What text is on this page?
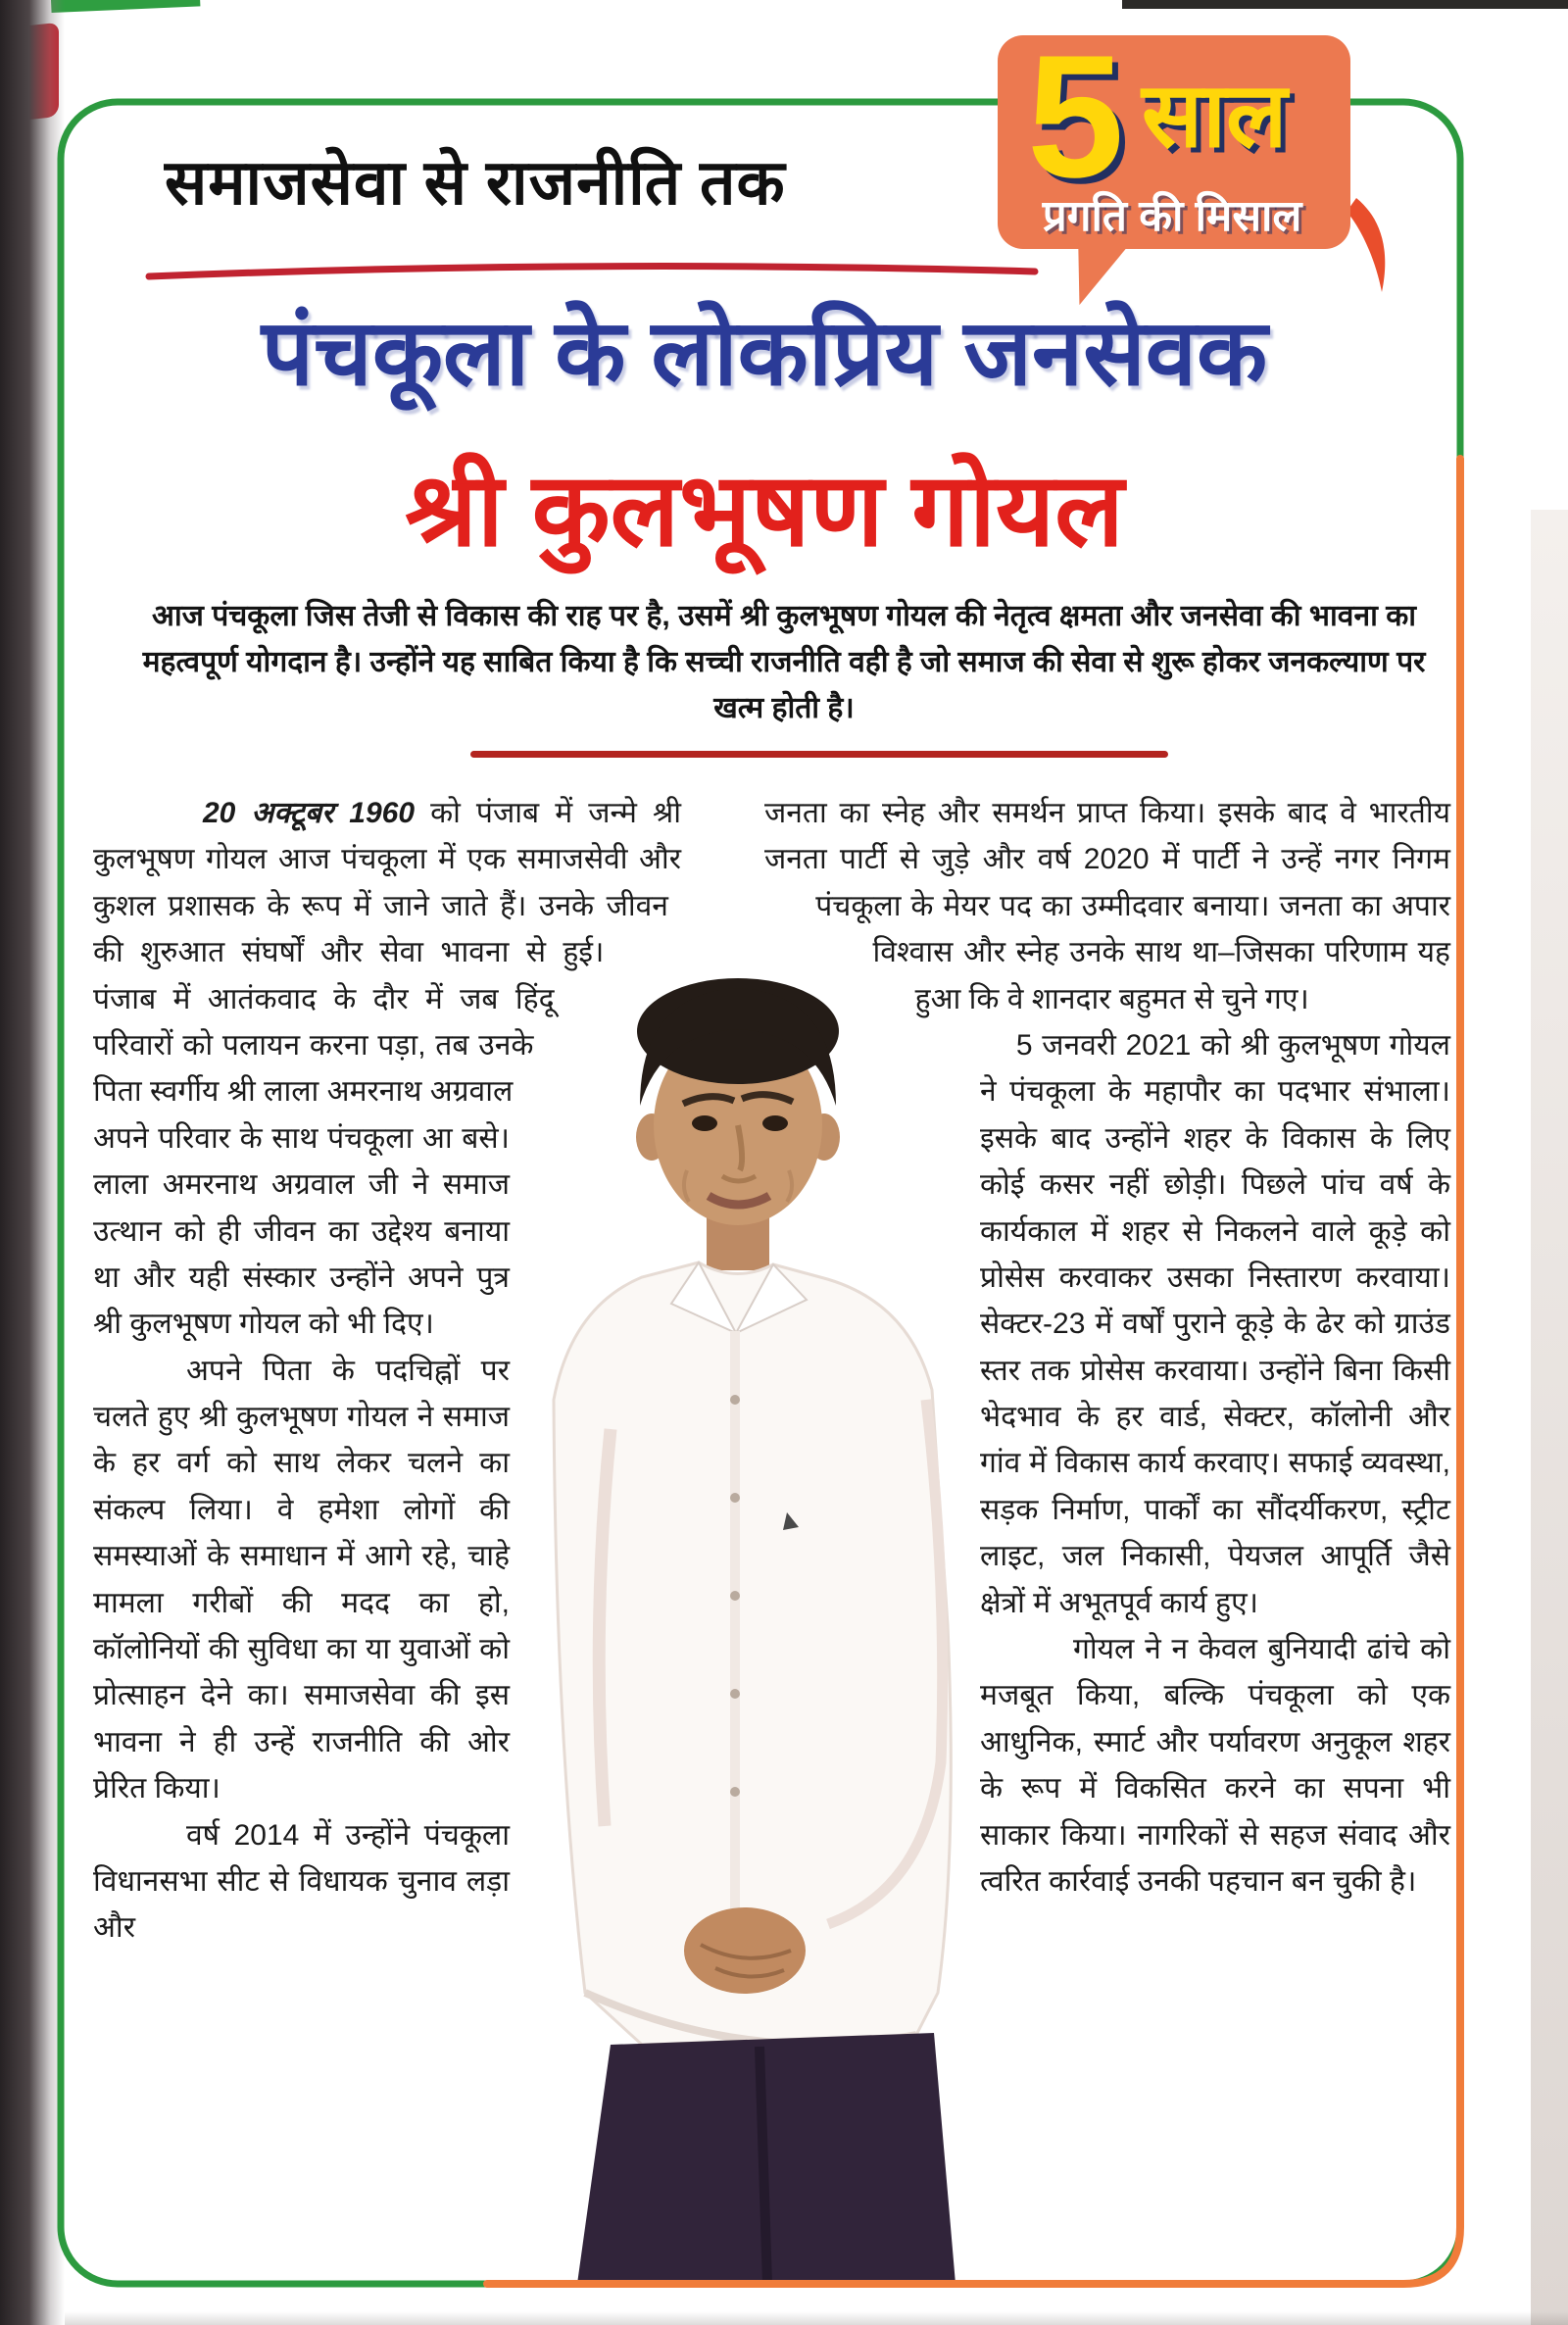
5 साल
प्रगति की मिसाल
समाजसेवा से राजनीति तक
पंचकूला के लोकप्रिय जनसेवक
श्री कुलभूषण गोयल
आज पंचकूला जिस तेजी से विकास की राह पर है, उसमें श्री कुलभूषण गोयल की नेतृत्व क्षमता और जनसेवा की भावना का महत्वपूर्ण योगदान है। उन्होंने यह साबित किया है कि सच्ची राजनीति वही है जो समाज की सेवा से शुरू होकर जनकल्याण पर खत्म होती है।

20 अक्टूबर 1960 को पंजाब में जन्मे श्री कुलभूषण गोयल आज पंचकूला में एक समाजसेवी और कुशल प्रशासक के रूप में जाने जाते हैं। उनके जीवन की शुरुआत संघर्षों और सेवा भावना से हुई। पंजाब में आतंकवाद के दौर में जब हिंदू परिवारों को पलायन करना पड़ा, तब उनके पिता स्वर्गीय श्री लाला अमरनाथ अग्रवाल अपने परिवार के साथ पंचकूला आ बसे। लाला अमरनाथ अग्रवाल जी ने समाज उत्थान को ही जीवन का उद्देश्य बनाया था और यही संस्कार उन्होंने अपने पुत्र श्री कुलभूषण गोयल को भी दिए।

अपने पिता के पदचिह्नों पर चलते हुए श्री कुलभूषण गोयल ने समाज के हर वर्ग को साथ लेकर चलने का संकल्प लिया। वे हमेशा लोगों की समस्याओं के समाधान में आगे रहे, चाहे मामला गरीबों की मदद का हो, कॉलोनियों की सुविधा का या युवाओं को प्रोत्साहन देने का। समाजसेवा की इस भावना ने ही उन्हें राजनीति की ओर प्रेरित किया।

वर्ष 2014 में उन्होंने पंचकूला विधानसभा सीट से विधायक चुनाव लड़ा और

जनता का स्नेह और समर्थन प्राप्त किया। इसके बाद वे भारतीय जनता पार्टी से जुड़े और वर्ष 2020 में पार्टी ने उन्हें नगर निगम पंचकूला के मेयर पद का उम्मीदवार बनाया। जनता का अपार विश्वास और स्नेह उनके साथ था–जिसका परिणाम यह हुआ कि वे शानदार बहुमत से चुने गए।

5 जनवरी 2021 को श्री कुलभूषण गोयल ने पंचकूला के महापौर का पदभार संभाला। इसके बाद उन्होंने शहर के विकास के लिए कोई कसर नहीं छोड़ी। पिछले पांच वर्ष के कार्यकाल में शहर से निकलने वाले कूड़े को प्रोसेस करवाकर उसका निस्तारण करवाया। सेक्टर-23 में वर्षों पुराने कूड़े के ढेर को ग्राउंड स्तर तक प्रोसेस करवाया। उन्होंने बिना किसी भेदभाव के हर वार्ड, सेक्टर, कॉलोनी और गांव में विकास कार्य करवाए। सफाई व्यवस्था, सड़क निर्माण, पार्कों का सौंदर्यीकरण, स्ट्रीट लाइट, जल निकासी, पेयजल आपूर्ति जैसे क्षेत्रों में अभूतपूर्व कार्य हुए।

गोयल ने न केवल बुनियादी ढांचे को मजबूत किया, बल्कि पंचकूला को एक आधुनिक, स्मार्ट और पर्यावरण अनुकूल शहर के रूप में विकसित करने का सपना भी साकार किया। नागरिकों से सहज संवाद और त्वरित कार्रवाई उनकी पहचान बन चुकी है।
